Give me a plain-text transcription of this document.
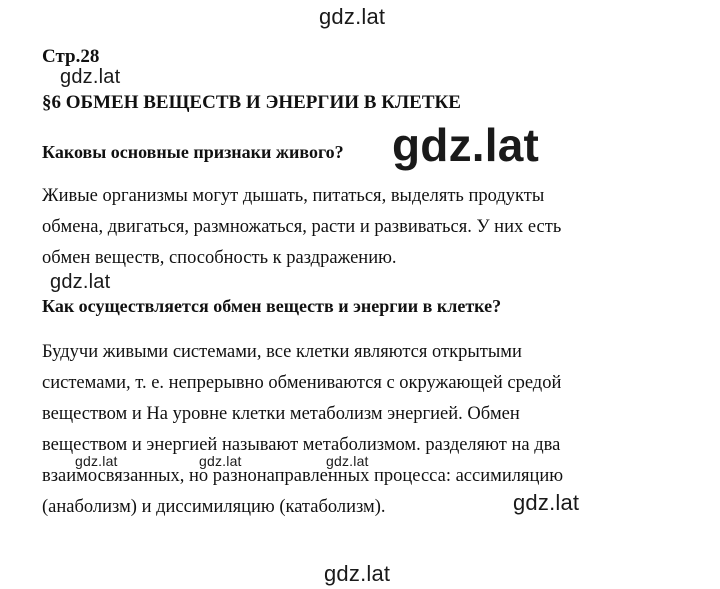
gdz.lat
Стр.28
gdz.lat
§6 ОБМЕН ВЕЩЕСТВ И ЭНЕРГИИ В КЛЕТКЕ
Каковы основные признаки живого? gdz.lat
Живые организмы могут дышать, питаться, выделять продукты
обмена, двигаться, размножаться, расти и развиваться. У них есть
обмен веществ, способность к раздражению.
gdz.lat
Как осуществляется обмен веществ и энергии в клетке?
Будучи живыми системами, все клетки являются открытыми
системами, т. е. непрерывно обмениваются с окружающей средой
веществом и На уровне клетки метаболизм энергией. Обмен
веществом и энергией называют метаболизмом. разделяют на два
взаимосвязанных, но разнонаправленных процесса: ассимиляцию
(анаболизм) и диссимиляцию (катаболизм).
gdz.lat	gdz.lat	gdz.lat
gdz.lat
gdz.lat
